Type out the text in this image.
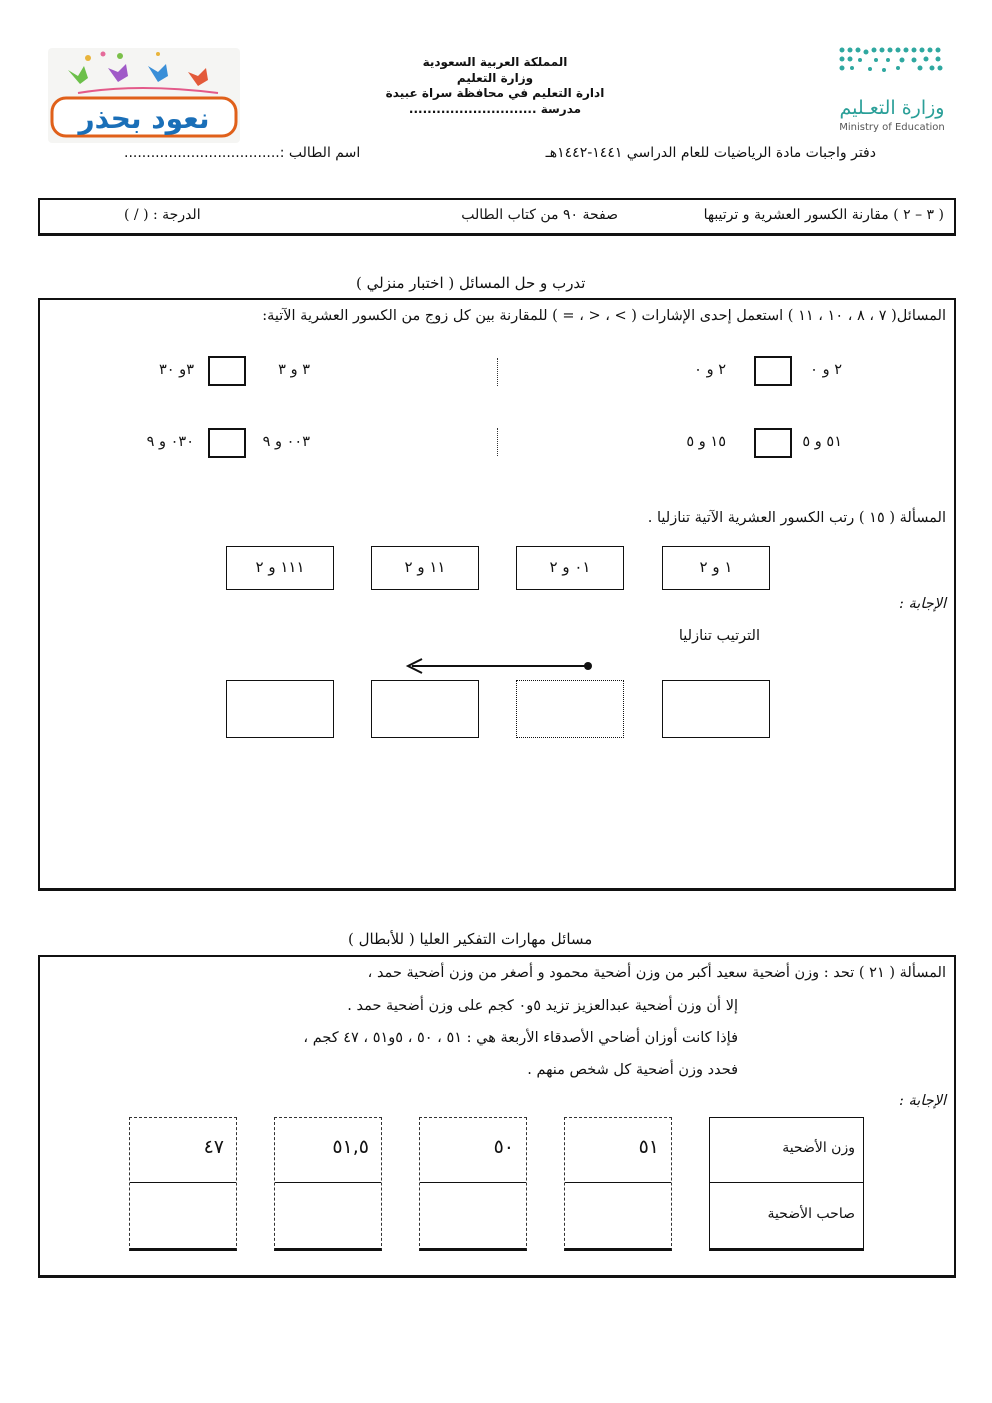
نعود بحذر	وزارة التعـليم
Ministry of Education
المملكة العربية السعودية
وزارة التعليم
ادارة التعليم في محافظة سراة عبيدة
مدرسة ............................
دفتر واجبات مادة الرياضيات للعام الدراسي ١٤٤١-١٤٤٢هـ
اسم الطالب :...................................
( ٣ – ٢ ) مقارنة الكسور العشرية و ترتيبها
صفحة ٩٠ من كتاب الطالب
الدرجة : ( / )
تدرب و حل المسائل ( اختبار منزلي )
المسائل( ٧ ، ٨ ، ١٠ ، ١١ ) استعمل إحدى الإشارات ( > ، < ، = ) للمقارنة بين كل زوج من الكسور العشرية الآتية:
٢ و ٠
٢ و ٠
٣ و ٣
٣و ٣٠
٥١ و ٥
١٥ و ٥
٠٠٣ و ٩
٠٣٠ و ٩
المسألة ( ١٥ ) رتب الكسور العشرية الآتية تنازليا .
١ و ٢
٠١ و ٢
١١ و ٢
١١١ و ٢
الإجابة :
الترتيب تنازليا
مسائل مهارات التفكير العليا ( للأبطال )
المسألة ( ٢١ ) تحد : وزن أضحية سعيد أكبر من وزن أضحية محمود و أصغر من وزن أضحية حمد ،
إلا أن وزن أضحية عبدالعزيز تزيد ٥و٠ كجم على وزن أضحية حمد .
فإذا كانت أوزان أضاحي الأصدقاء الأربعة هي : ٥١ ، ٥٠ ، ٥و٥١ ، ٤٧ كجم ،
فحدد وزن أضحية كل شخص منهم .
الإجابة :
وزن الأضحية
صاحب الأضحية
٥١
٥٠
٥١,٥
٤٧
